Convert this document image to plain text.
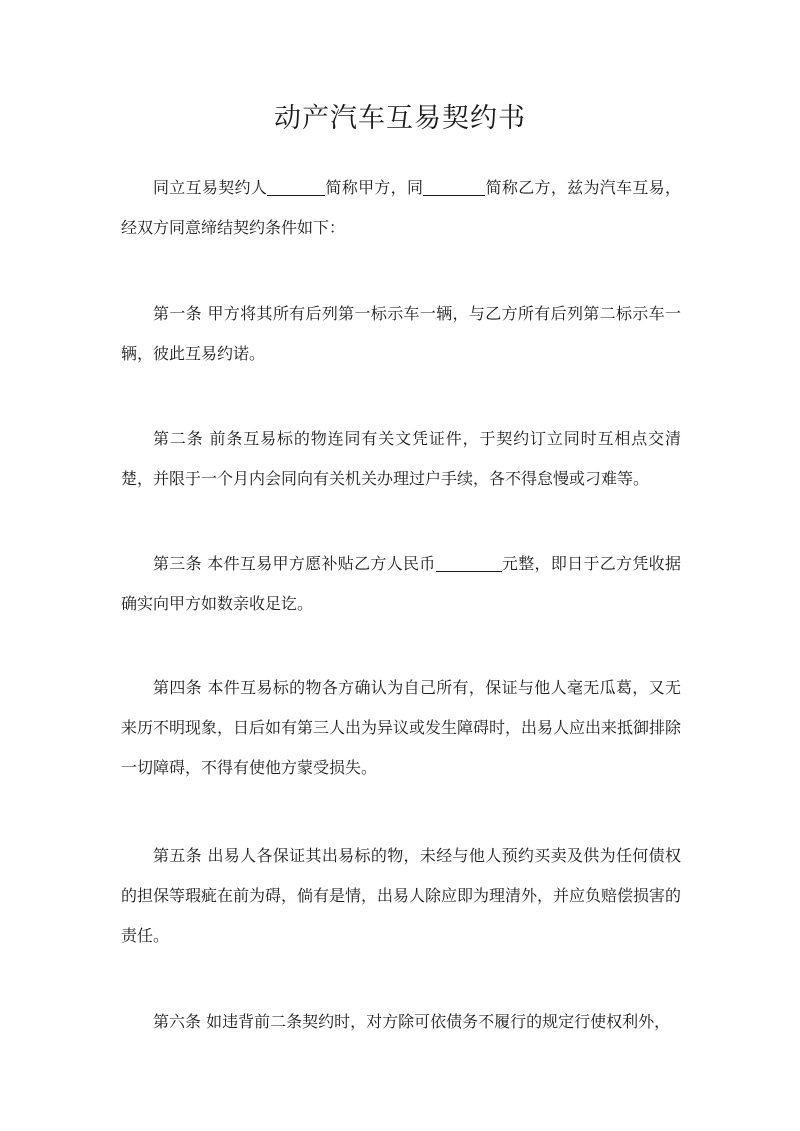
动产汽车互易契约书

同立互易契约人	简称甲方，同	简称乙方，兹为汽车互易，经双方同意缔结契约条件如下：

第一条 甲方将其所有后列第一标示车一辆，与乙方所有后列第二标示车一辆，彼此互易约诺。

第二条 前条互易标的物连同有关文凭证件，于契约订立同时互相点交清楚，并限于一个月内会同向有关机关办理过户手续，各不得怠慢或刁难等。

第三条 本件互易甲方愿补贴乙方人民币	元整，即日于乙方凭收据确实向甲方如数亲收足讫。

第四条 本件互易标的物各方确认为自己所有，保证与他人毫无瓜葛，又无来历不明现象，日后如有第三人出为异议或发生障碍时，出易人应出来抵御排除一切障碍，不得有使他方蒙受损失。

第五条 出易人各保证其出易标的物，未经与他人预约买卖及供为任何债权的担保等瑕疵在前为碍，倘有是情，出易人除应即为理清外，并应负赔偿损害的责任。

第六条 如违背前二条契约时，对方除可依债务不履行的规定行使权利外，
